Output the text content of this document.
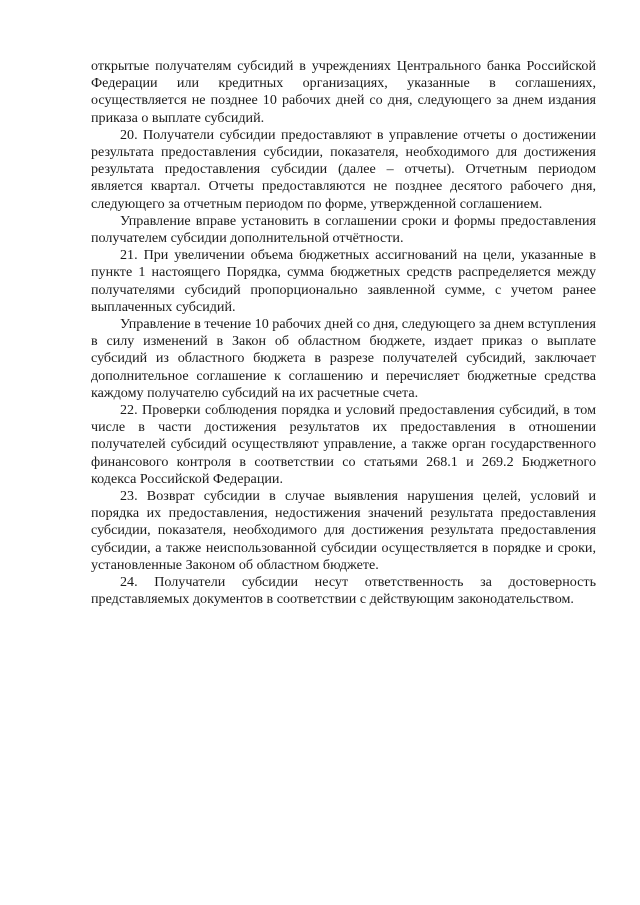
открытые получателям субсидий в учреждениях Центрального банка Российской Федерации или кредитных организациях, указанные в соглашениях, осуществляется не позднее 10 рабочих дней со дня, следующего за днем издания приказа о выплате субсидий.

20. Получатели субсидии предоставляют в управление отчеты о достижении результата предоставления субсидии, показателя, необходимого для достижения результата предоставления субсидии (далее – отчеты). Отчетным периодом является квартал. Отчеты предоставляются не позднее десятого рабочего дня, следующего за отчетным периодом по форме, утвержденной соглашением.

Управление вправе установить в соглашении сроки и формы предоставления получателем субсидии дополнительной отчётности.

21. При увеличении объема бюджетных ассигнований на цели, указанные в пункте 1 настоящего Порядка, сумма бюджетных средств распределяется между получателями субсидий пропорционально заявленной сумме, с учетом ранее выплаченных субсидий.

Управление в течение 10 рабочих дней со дня, следующего за днем вступления в силу изменений в Закон об областном бюджете, издает приказ о выплате субсидий из областного бюджета в разрезе получателей субсидий, заключает дополнительное соглашение к соглашению и перечисляет бюджетные средства каждому получателю субсидий на их расчетные счета.

22. Проверки соблюдения порядка и условий предоставления субсидий, в том числе в части достижения результатов их предоставления в отношении получателей субсидий осуществляют управление, а также орган государственного финансового контроля в соответствии со статьями 268.1 и 269.2 Бюджетного кодекса Российской Федерации.

23. Возврат субсидии в случае выявления нарушения целей, условий и порядка их предоставления, недостижения значений результата предоставления субсидии, показателя, необходимого для достижения результата предоставления субсидии, а также неиспользованной субсидии осуществляется в порядке и сроки, установленные Законом об областном бюджете.

24. Получатели субсидии несут ответственность за достоверность представляемых документов в соответствии с действующим законодательством.
